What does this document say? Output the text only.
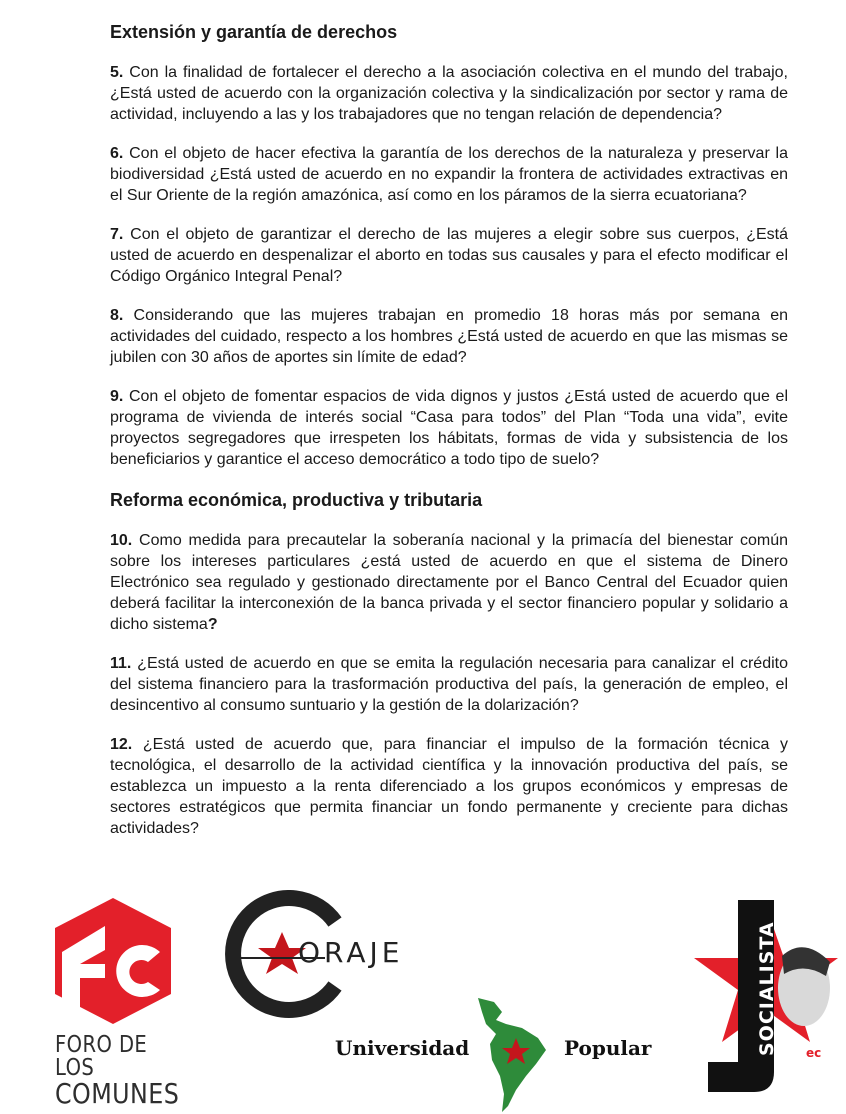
Extensión y garantía de derechos

5. Con la finalidad de fortalecer el derecho a la asociación colectiva en el mundo del trabajo, ¿Está usted de acuerdo con la organización colectiva y la sindicalización por sector y rama de actividad, incluyendo a las y los trabajadores que no tengan relación de dependencia?

6. Con el objeto de hacer efectiva la garantía de los derechos de la naturaleza y preservar la biodiversidad ¿Está usted de acuerdo en no expandir la frontera de actividades extractivas en el Sur Oriente de la región amazónica, así como en los páramos de la sierra ecuatoriana?

7. Con el objeto de garantizar el derecho de las mujeres a elegir sobre sus cuerpos, ¿Está usted de acuerdo en despenalizar el aborto en todas sus causales y para el efecto modificar el Código Orgánico Integral Penal?

8. Considerando que las mujeres trabajan en promedio 18 horas más por semana en actividades del cuidado, respecto a los hombres ¿Está usted de acuerdo en que las mismas se jubilen con 30 años de aportes sin límite de edad?

9. Con el objeto de fomentar espacios de vida dignos y justos ¿Está usted de acuerdo que el programa de vivienda de interés social “Casa para todos” del Plan “Toda una vida”, evite proyectos segregadores que irrespeten los hábitats, formas de vida y subsistencia de los beneficiarios y garantice el acceso democrático a todo tipo de suelo?

Reforma económica, productiva y tributaria

10. Como medida para precautelar la soberanía nacional y la primacía del bienestar común sobre los intereses particulares ¿está usted de acuerdo en que el sistema de Dinero Electrónico sea regulado y gestionado directamente por el Banco Central del Ecuador quien deberá facilitar la interconexión de la banca privada y el sector financiero popular y solidario a dicho sistema?

11. ¿Está usted de acuerdo en que se emita la regulación necesaria para canalizar el crédito del sistema financiero para la trasformación productiva del país, la generación de empleo, el desincentivo al consumo suntuario y la gestión de la dolarización?

12. ¿Está usted de acuerdo que, para financiar el impulso de la formación técnica y tecnológica, el desarrollo de la actividad científica y la innovación productiva del país, se establezca un impuesto a la renta diferenciado a los grupos económicos y empresas de sectores estratégicos que permita financiar un fondo permanente y creciente para dichas actividades?

FORO DE LOS
COMUNES
ORAJE
Universidad	Popular	SOCIALISTA ec
